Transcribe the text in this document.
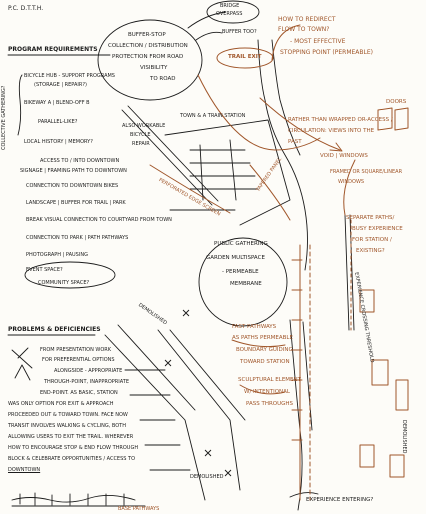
P.C. D.T.T.H.
BUFFER-STOP
COLLECTION / DISTRIBUTION
PROTECTION FROM ROAD
VISIBILITY
TO ROAD
BRIDGE
OVERPASS
BUFFER TOO?
TRAIL EXIT
HOW TO REDIRECT
FLOW TO TOWN?
- MOST EFFECTIVE
STOPPING POINT (PERMEABLE)
PROGRAM REQUIREMENTS
COLLECTIVE GATHERING?
BICYCLE HUB - SUPPORT PROGRAMS
(STORAGE | REPAIR?)
BIKEWAY A | BLEND-OFF B
PARALLEL-LIKE?
LOCAL HISTORY | MEMORY?
ACCESS TO / INTO DOWNTOWN
SIGNAGE | FRAMING PATH TO DOWNTOWN
CONNECTION TO DOWNTOWN BIKES
LANDSCAPE | BUFFER FOR TRAIL | PARK
BREAK VISUAL CONNECTION TO COURTYARD FROM TOWN
CONNECTION TO PARK | PATH PATHWAYS
PHOTOGRAPH | PAUSING
EVENT SPACE?
COMMUNITY SPACE?
ALSO WORKABLE
BICYCLE
REPAIR
TOWN & A TRAIN STATION
PERFORATED EDGE SCREEN
TAPERED PANEL
PUBLIC GATHERING
GARDEN MULTISPACE
- PERMEABLE
MEMBRANE
DOORS
RATHER THAN WRAPPED OR-ACCESS /
CIRCULATION: VIEWS INTO THE
PAST
VOID | WINDOWS
FRAMED OR SQUARE/LINEAR
WINDOWS
SEPARATE PATHS/
BUSY EXPERIENCE
FOR STATION /
EXISTING?
EXPERIENCE CROSSING THRESHOLD
DEMOLISHED
DEMOLISHED
DEMOLISHED
FAST PATHWAYS
AS PATHS PERMEABLE
BOUNDARY GUIDING
TOWARD STATION
SCULPTURAL ELEMENT
W/ INTENTIONAL
PASS THROUGHS
EXPERIENCE ENTERING?
PROBLEMS & DEFICIENCIES
FROM PRESENTATION WORK
FOR PREFERENTIAL OPTIONS
ALONGSIDE - APPROPRIATE
THROUGH-POINT, INAPPROPRIATE
END-POINT. AS BASIC, STATION
WAS ONLY OPTION FOR EXIT & APPROACH
PROCEEDED OUT & TOWARD TOWN. FACE NOW
TRANSIT INVOLVES WALKING & CYCLING, BOTH
ALLOWING USERS TO EXIT THE TRAIL. WHEREVER
HOW TO ENCOURAGE STOP & END FLOW THROUGH
BLOCK & CELEBRATE OPPORTUNITIES / ACCESS TO
DOWNTOWN
BASE PATHWAYS
